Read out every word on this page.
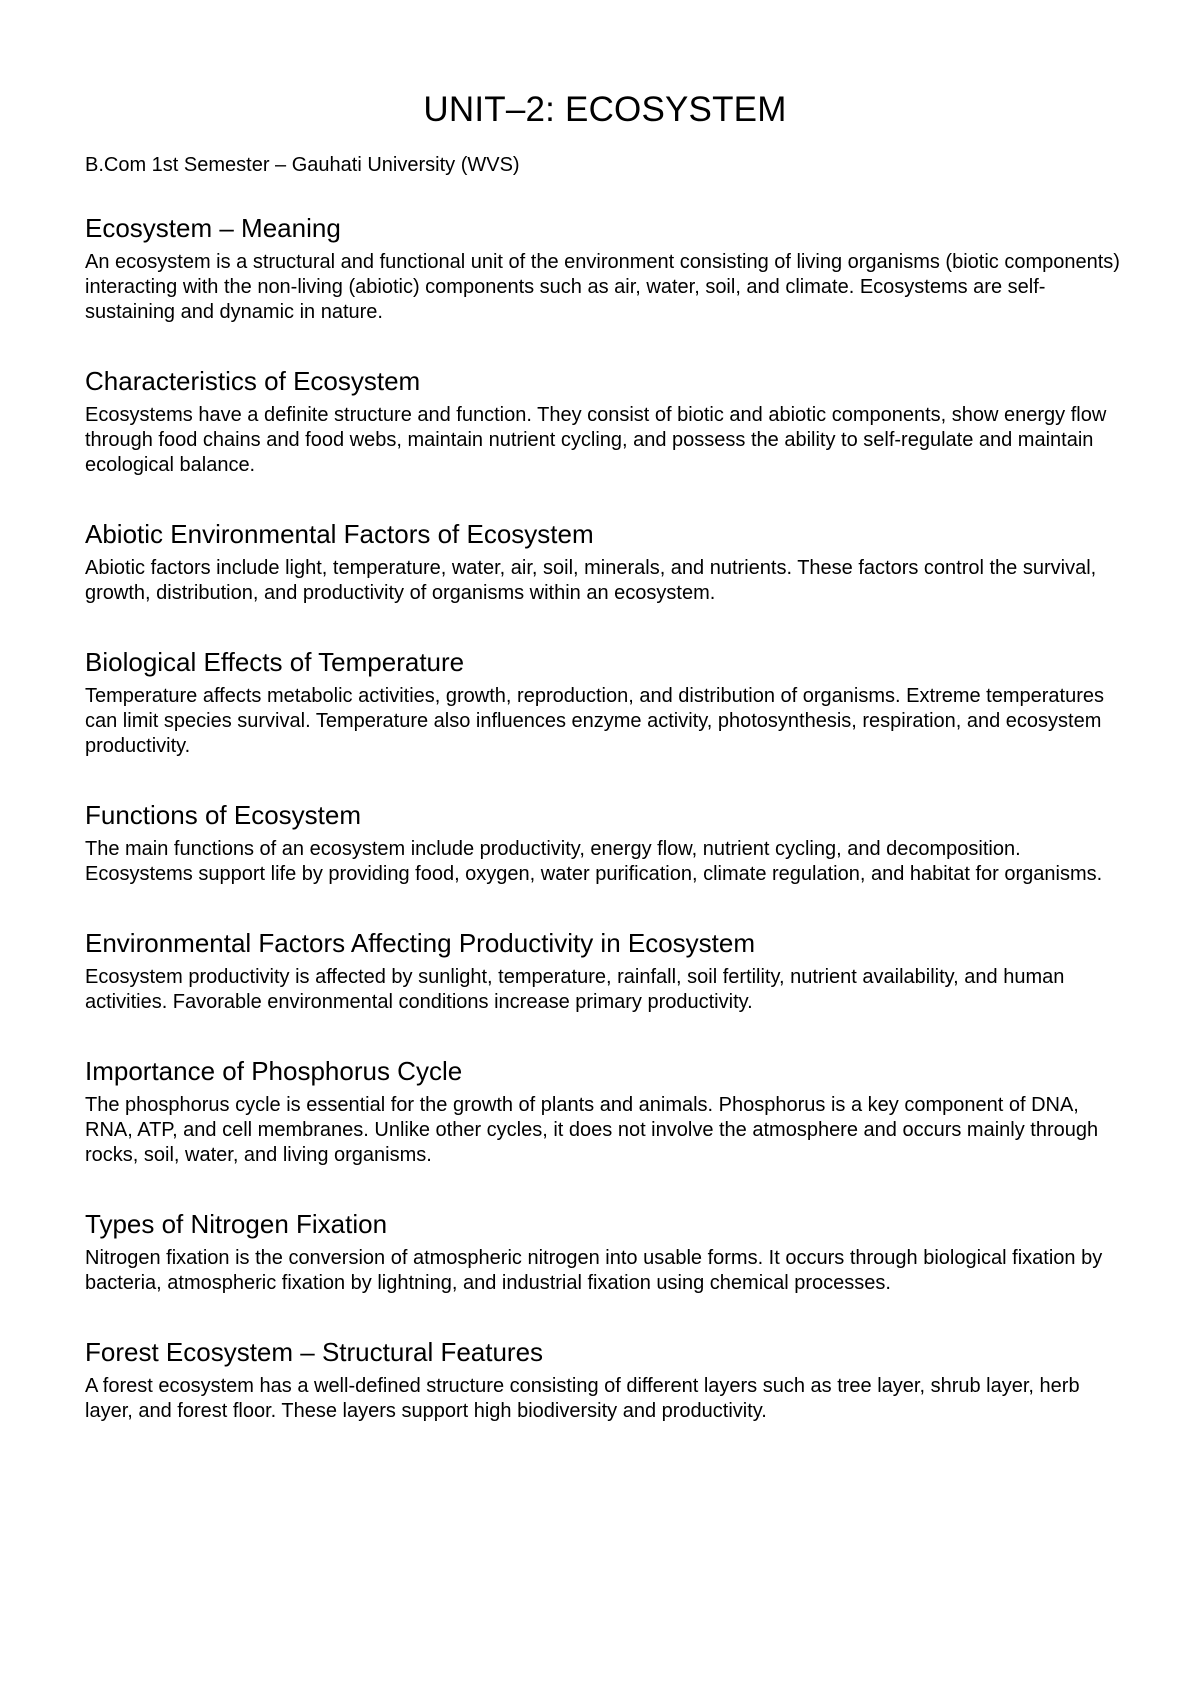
UNIT–2: ECOSYSTEM

B.Com 1st Semester – Gauhati University (WVS)

Ecosystem – Meaning

An ecosystem is a structural and functional unit of the environment consisting of living organisms (biotic components) interacting with the non-living (abiotic) components such as air, water, soil, and climate. Ecosystems are self-sustaining and dynamic in nature.

Characteristics of Ecosystem

Ecosystems have a definite structure and function. They consist of biotic and abiotic components, show energy flow through food chains and food webs, maintain nutrient cycling, and possess the ability to self-regulate and maintain ecological balance.

Abiotic Environmental Factors of Ecosystem

Abiotic factors include light, temperature, water, air, soil, minerals, and nutrients. These factors control the survival, growth, distribution, and productivity of organisms within an ecosystem.

Biological Effects of Temperature

Temperature affects metabolic activities, growth, reproduction, and distribution of organisms. Extreme temperatures can limit species survival. Temperature also influences enzyme activity, photosynthesis, respiration, and ecosystem productivity.

Functions of Ecosystem

The main functions of an ecosystem include productivity, energy flow, nutrient cycling, and decomposition. Ecosystems support life by providing food, oxygen, water purification, climate regulation, and habitat for organisms.

Environmental Factors Affecting Productivity in Ecosystem

Ecosystem productivity is affected by sunlight, temperature, rainfall, soil fertility, nutrient availability, and human activities. Favorable environmental conditions increase primary productivity.

Importance of Phosphorus Cycle

The phosphorus cycle is essential for the growth of plants and animals. Phosphorus is a key component of DNA, RNA, ATP, and cell membranes. Unlike other cycles, it does not involve the atmosphere and occurs mainly through rocks, soil, water, and living organisms.

Types of Nitrogen Fixation

Nitrogen fixation is the conversion of atmospheric nitrogen into usable forms. It occurs through biological fixation by bacteria, atmospheric fixation by lightning, and industrial fixation using chemical processes.

Forest Ecosystem – Structural Features

A forest ecosystem has a well-defined structure consisting of different layers such as tree layer, shrub layer, herb layer, and forest floor. These layers support high biodiversity and productivity.
